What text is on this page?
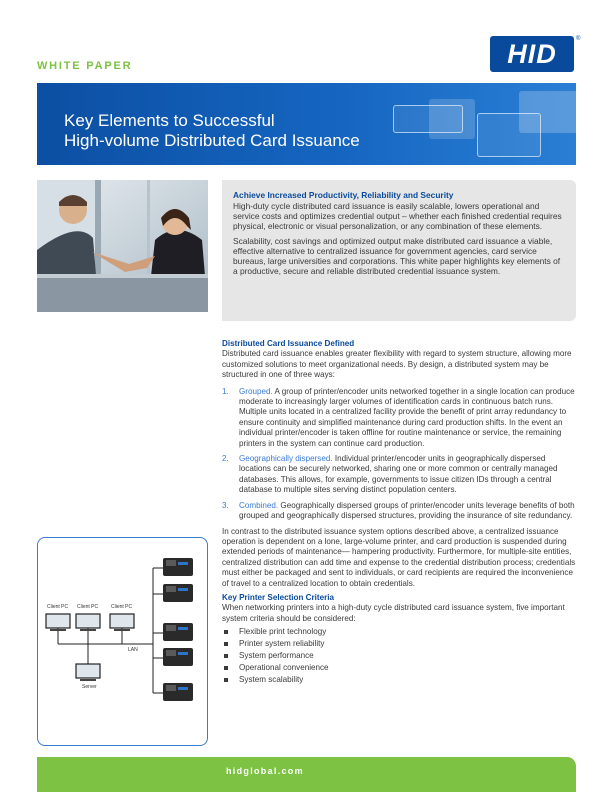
WHITE PAPER	HID	®
Key Elements to Successful
High-volume Distributed Card Issuance
Achieve Increased Productivity, Reliability and Security

High-duty cycle distributed card issuance is easily scalable, lowers operational and service costs and optimizes credential output – whether each finished credential requires physical, electronic or visual personalization, or any combination of these elements.

Scalability, cost savings and optimized output make distributed card issuance a viable, effective alternative to centralized issuance for government agencies, card service bureaus, large universities and corporations. This white paper highlights key elements of a productive, secure and reliable distributed credential issuance system.

Distributed Card Issuance Defined

Distributed card issuance enables greater flexibility with regard to system structure, allowing more customized solutions to meet organizational needs. By design, a distributed system may be structured in one of three ways:

1. Grouped. A group of printer/encoder units networked together in a single location can produce moderate to increasingly larger volumes of identification cards in continuous batch runs. Multiple units located in a centralized facility provide the benefit of print array redundancy to ensure continuity and simplified maintenance during card production shifts. In the event an individual printer/encoder is taken offline for routine maintenance or service, the remaining printers in the system can continue card production.
2. Geographically dispersed. Individual printer/encoder units in geographically dispersed locations can be securely networked, sharing one or more common or centrally managed databases. This allows, for example, governments to issue citizen IDs through a central database to multiple sites serving distinct population centers.
3. Combined. Geographically dispersed groups of printer/encoder units leverage benefits of both grouped and geographically dispersed structures, providing the insurance of site redundancy.

In contrast to the distributed issuance system options described above, a centralized issuance operation is dependent on a lone, large-volume printer, and card production is suspended during extended periods of maintenance— hampering productivity. Furthermore, for multiple-site entities, centralized distribution can add time and expense to the credential distribution process; credentials must either be packaged and sent to individuals, or card recipients are required the inconvenience of travel to a centralized location to obtain credentials.

Key Printer Selection Criteria

When networking printers into a high-duty cycle distributed card issuance system, five important system criteria should be considered:

Flexible print technology
Printer system reliability
System performance
Operational convenience
System scalability
Client PC Client PC	Client PC
LAN
Server
hidglobal.com
